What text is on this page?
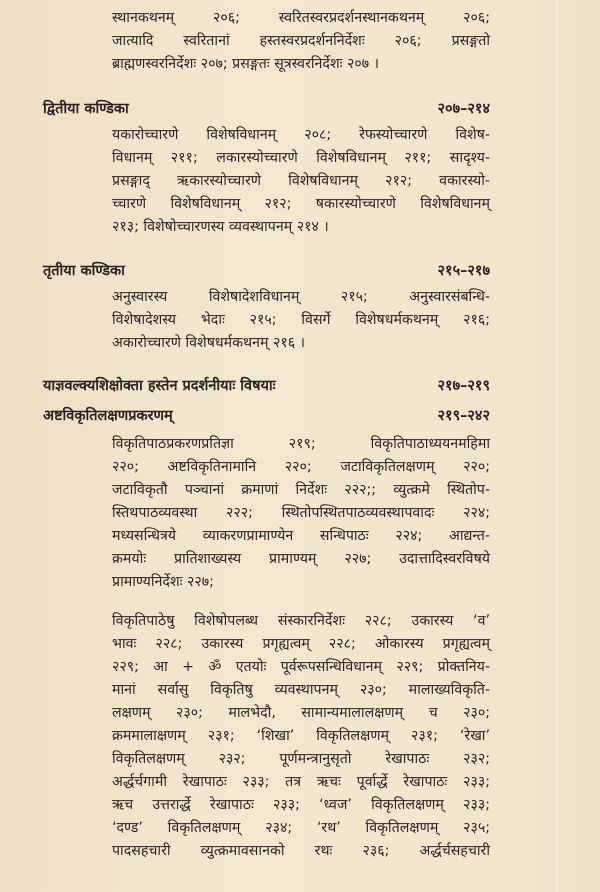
स्थानकथनम् २०६; स्वरितस्वरप्रदर्शनस्थानकथनम् २०६;
जात्यादि स्वरितानां हस्तस्वरप्रदर्शननिर्देशः २०६; प्रसङ्गतो
ब्राह्मणस्वरनिर्देशः २०७; प्रसङ्गतः सूत्रस्वरनिर्देशः २०७ ।
द्वितीया कण्डिका	२०७–२१४
यकारोच्चारणे विशेषविधानम् २०८; रेफस्योच्चारणे विशेष-
विधानम् २११; लकारस्योच्चारणे विशेषविधानम् २११; सादृश्य-
प्रसङ्गाद् ऋकारस्योच्चारणे विशेषविधानम् २१२; वकारस्यो-
च्चारणे विशेषविधानम् २१२; षकारस्योच्चारणे विशेषविधानम्
२१३; विशेषोच्चारणस्य व्यवस्थापनम् २१४ ।
तृतीया कण्डिका	२१५–२१७
अनुस्वारस्य विशेषादेशविधानम् २१५; अनुस्वारसंबन्धि-
विशेषादेशस्य भेदाः २१५; विसर्गे विशेषधर्मकथनम् २१६;
अकारोच्चारणे विशेषधर्मकथनम् २१६ ।
याज्ञवल्क्यशिक्षोक्ता हस्तेन प्रदर्शनीयाः विषयाः	२१७–२१९
अष्टविकृतिलक्षणप्रकरणम्	२१९–२४२
विकृतिपाठप्रकरणप्रतिज्ञा २१९; विकृतिपाठाध्ययनमहिमा
२२०; अष्टविकृतिनामानि २२०; जटाविकृतिलक्षणम् २२०;
जटाविकृतौ पञ्चानां क्रमाणां निर्देशः २२२;; व्युत्क्रमे स्थितोप-
स्तिथपाठव्यवस्था २२२; स्थितोपस्थितपाठव्यवस्थापवादः २२४;
मध्यसन्धित्रये व्याकरणप्रामाण्येन सन्धिपाठः २२४; आद्यन्त-
क्रमयोः प्रातिशाख्यस्य प्रामाण्यम् २२७; उदात्तादिस्वरविषये
प्रामाण्यनिर्देशः २२७;
विकृतिपाठेषु विशेषोपलब्ध संस्कारनिर्देशः २२८; उकारस्य ‘व’
भावः २२८; उकारस्य प्रगृह्यत्वम् २२८; ओकारस्य प्रगृह्यत्वम्
२२९; आ + ॐ एतयोः पूर्वरूपसन्धिविधानम् २२९; प्रोक्तनिय-
मानां सर्वासु विकृतिषु व्यवस्थापनम् २३०; मालाख्यविकृति-
लक्षणम् २३०; मालभेदौ, सामान्यमालालक्षणम् च २३०;
क्रममालाक्षणम् २३१; ‘शिखा’ विकृतिलक्षणम् २३१; ‘रेखा’
विकृतिलक्षणम् २३२; पूर्णमन्त्रानुसृतो रेखापाठः २३२;
अर्द्धर्चगामी रेखापाठः २३३; तत्र ऋचः पूर्वार्द्धे रेखापाठः २३३;
ऋच उत्तरार्द्धे रेखापाठः २३३; ‘ध्वज’ विकृतिलक्षणम् २३३;
‘दण्ड’ विकृतिलक्षणम् २३४; ‘रथ’ विकृतिलक्षणम् २३५;
पादसहचारी व्युत्क्रमावसानको रथः २३६; अर्द्धर्चसहचारी
